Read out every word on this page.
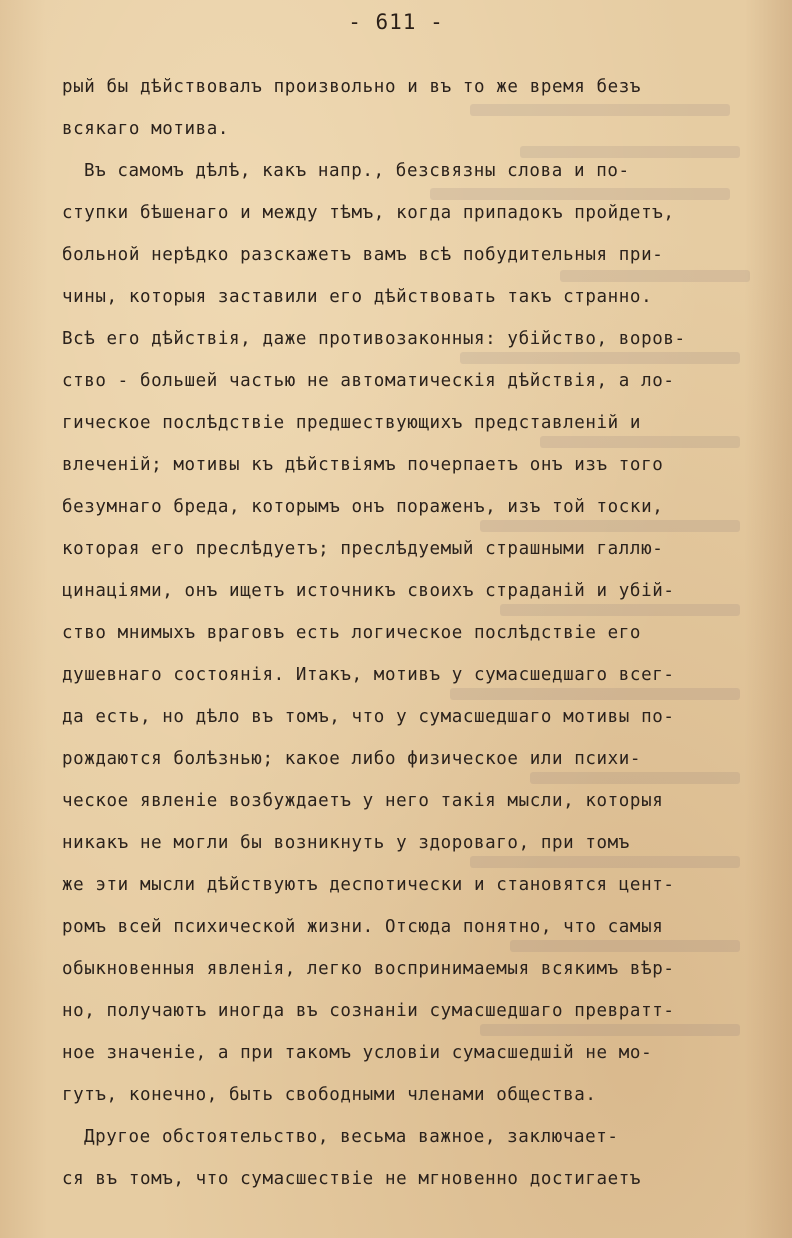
- 611 -
рый бы дѣйствовалъ произвольно и въ то же время безъ
всякаго мотива.
Въ самомъ дѣлѣ, какъ напр., безсвязны слова и по-
ступки бѣшенаго и между тѣмъ, когда припадокъ пройдетъ,
больной нерѣдко разскажетъ вамъ всѣ побудительныя при-
чины, которыя заставили его дѣйствовать такъ странно.
Всѣ его дѣйствія, даже противозаконныя: убійство, воров-
ство - большей частью не автоматическія дѣйствія, а ло-
гическое послѣдствіе предшествующихъ представленій и
влеченій; мотивы къ дѣйствіямъ почерпаетъ онъ изъ того
безумнаго бреда, которымъ онъ пораженъ, изъ той тоски,
которая его преслѣдуетъ; преслѣдуемый страшными галлю-
цинаціями, онъ ищетъ источникъ своихъ страданій и убій-
ство мнимыхъ враговъ есть логическое послѣдствіе его
душевнаго состоянія. Итакъ, мотивъ у сумасшедшаго всег-
да есть, но дѣло въ томъ, что у сумасшедшаго мотивы по-
рождаются болѣзнью; какое либо физическое или психи-
ческое явленіе возбуждаетъ у него такія мысли, которыя
никакъ не могли бы возникнуть у здороваго, при томъ
же эти мысли дѣйствуютъ деспотически и становятся цент-
ромъ всей психической жизни. Отсюда понятно, что самыя
обыкновенныя явленія, легко воспринимаемыя всякимъ вѣр-
но, получаютъ иногда въ сознаніи сумасшедшаго превратт-
ное значеніе, а при такомъ условіи сумасшедшій не мо-
гутъ, конечно, быть свободными членами общества.
Другое обстоятельство, весьма важное, заключает-
ся въ томъ, что сумасшествіе не мгновенно достигаетъ
